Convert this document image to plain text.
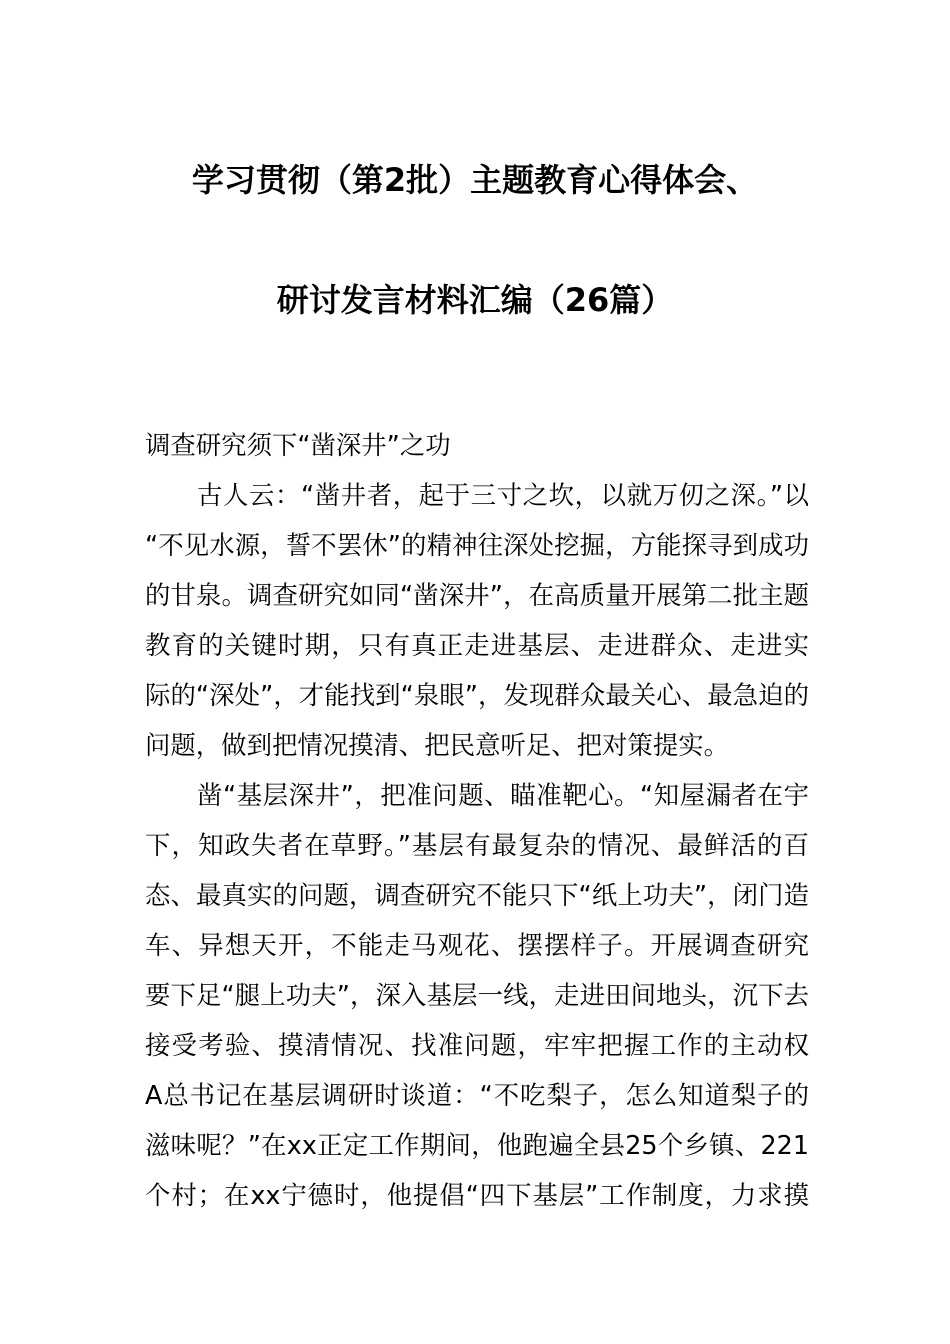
学习贯彻（第2批）主题教育心得体会、
研讨发言材料汇编（26篇）
调查研究须下“凿深井”之功
古人云：“凿井者，起于三寸之坎，以就万仞之深。”以
“不见水源，誓不罢休”的精神往深处挖掘，方能探寻到成功
的甘泉。调查研究如同“凿深井”，在高质量开展第二批主题
教育的关键时期，只有真正走进基层、走进群众、走进实
际的“深处”，才能找到“泉眼”，发现群众最关心、最急迫的
问题，做到把情况摸清、把民意听足、把对策提实。
凿“基层深井”，把准问题、瞄准靶心。“知屋漏者在宇
下，知政失者在草野。”基层有最复杂的情况、最鲜活的百
态、最真实的问题，调查研究不能只下“纸上功夫”，闭门造
车、异想天开，不能走马观花、摆摆样子。开展调查研究
要下足“腿上功夫”，深入基层一线，走进田间地头，沉下去
接受考验、摸清情况、找准问题，牢牢把握工作的主动权
A总书记在基层调研时谈道：“不吃梨子，怎么知道梨子的
滋味呢？”在xx正定工作期间，他跑遍全县25个乡镇、221
个村；在xx宁德时，他提倡“四下基层”工作制度，力求摸
